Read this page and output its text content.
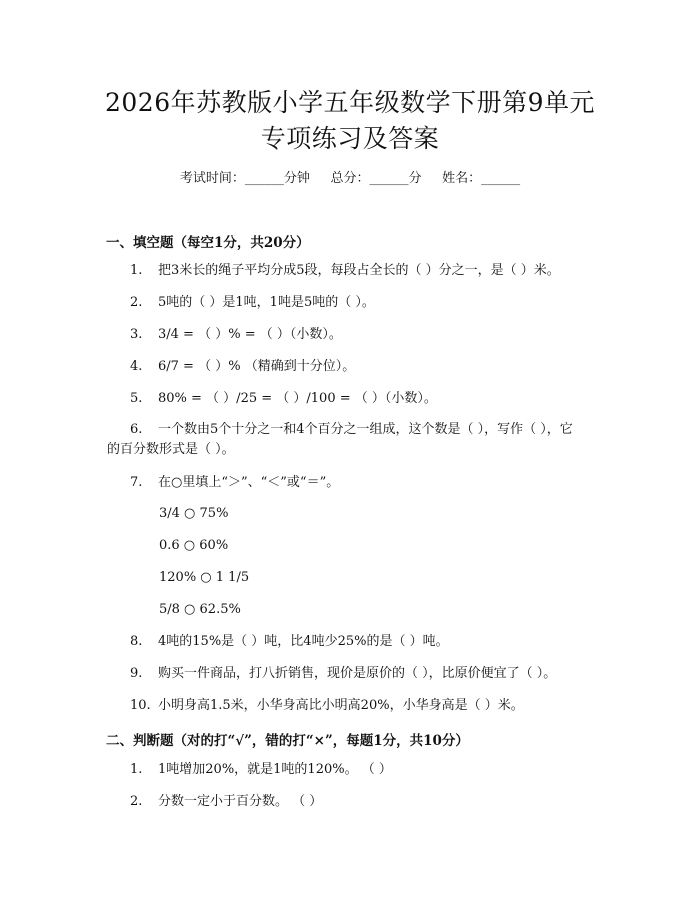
2026年苏教版小学五年级数学下册第9单元
专项练习及答案
考试时间：______分钟     总分：______分     姓名：______
一、填空题（每空1分，共20分）
1. 把3米长的绳子平均分成5段，每段占全长的（ ）分之一，是（ ）米。
2. 5吨的（ ）是1吨，1吨是5吨的（ ）。
3. 3/4 = （ ）% = （ ）（小数）。
4. 6/7 = （ ）% （精确到十分位）。
5. 80% = （ ）/25 = （ ）/100 = （ ）（小数）。
6. 一个数由5个十分之一和4个百分之一组成，这个数是（ ），写作（ ），它的百分数形式是（ ）。
7. 在○里填上“＞”、“＜”或“＝”。
3/4 ○ 75%
0.6 ○ 60%
120% ○ 1 1/5
5/8 ○ 62.5%
8. 4吨的15%是（ ）吨，比4吨少25%的是（ ）吨。
9. 购买一件商品，打八折销售，现价是原价的（ ），比原价便宜了（ ）。
10. 小明身高1.5米，小华身高比小明高20%，小华身高是（ ）米。
二、判断题（对的打“√”，错的打“×”，每题1分，共10分）
1. 1吨增加20%，就是1吨的120%。 （ ）
2. 分数一定小于百分数。 （ ）
